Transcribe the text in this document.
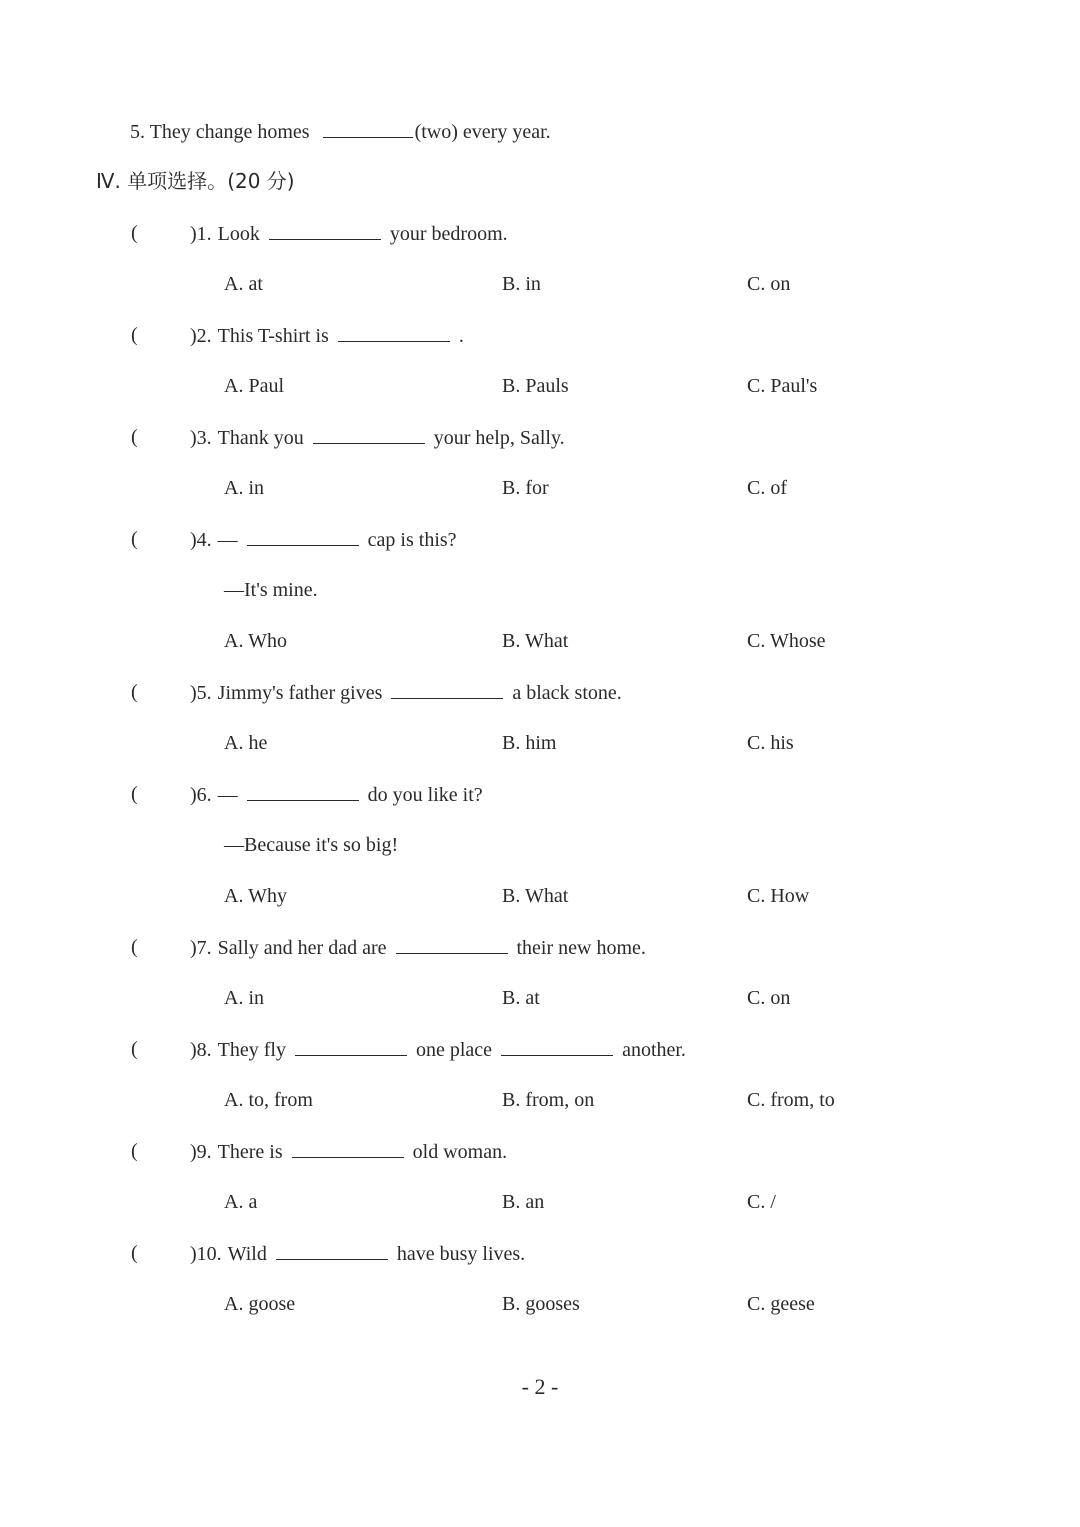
5. They change homes	(two) every year.
Ⅳ. 单项选择。(20 分)
(	)1. Look	your bedroom.
A. at	B. in	C. on
(	)2. This T-shirt is	.
A. Paul	B. Pauls	C. Paul's
(	)3. Thank you	your help, Sally.
A. in	B. for	C. of
(	)4. —	cap is this?
—It's mine.
A. Who	B. What	C. Whose
(	)5. Jimmy's father gives	a black stone.
A. he	B. him	C. his
(	)6. —	do you like it?
—Because it's so big!
A. Why	B. What	C. How
(	)7. Sally and her dad are	their new home.
A. in	B. at	C. on
(	)8. They fly	one place	another.
A. to, from	B. from, on	C. from, to
(	)9. There is	old woman.
A. a	B. an	C. /
(	)10. Wild	have busy lives.
A. goose	B. gooses	C. geese
- 2 -
